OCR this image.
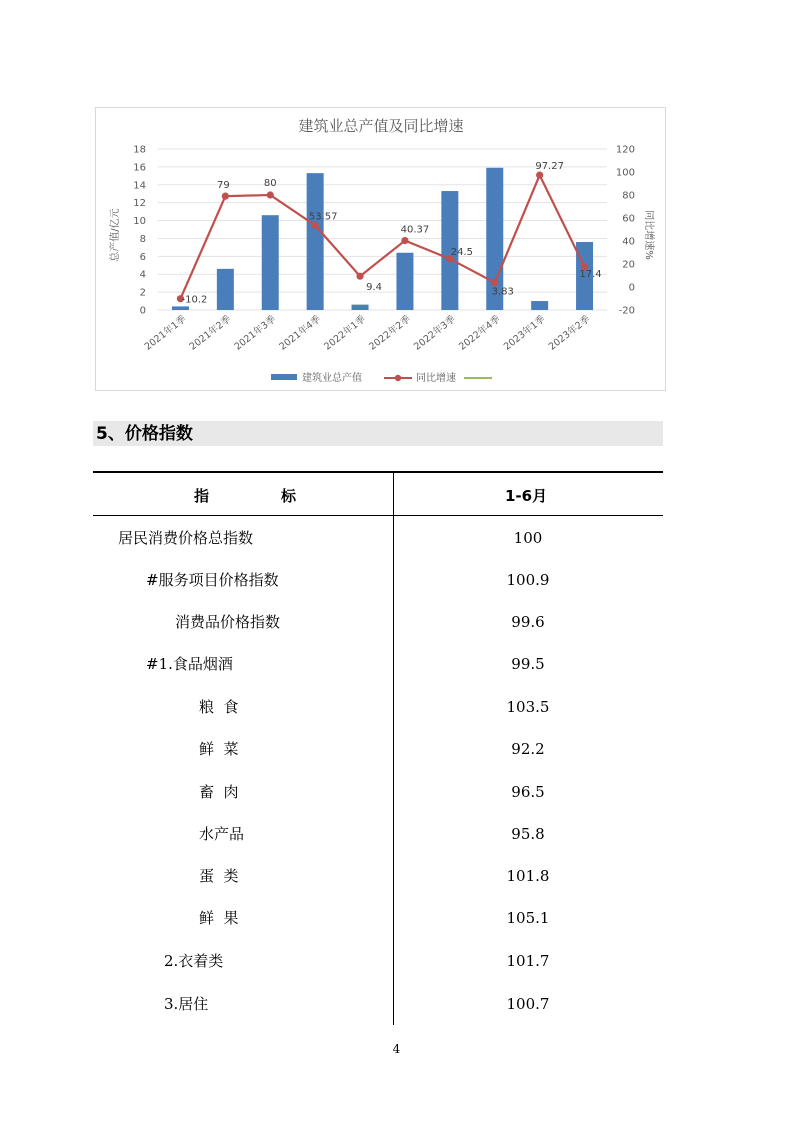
建筑业总产值及同比增速
总产值/亿元	同比增速%
-10.2
79	80
53.57
9.4
40.37
24.5
3.83
97.27
17.4
0
2
4
6
8
10
12
14
16
18
-20
0
20
40
60
80
100
120
2021年1季 2021年2季 2021年3季 2021年4季 2022年1季 2022年2季 2022年3季 2022年4季 2023年1季 2023年2季
建筑业总产值	同比增速
5、价格指数
指	标	1-6月
居民消费价格总指数	100
#服务项目价格指数	100.9
消费品价格指数	99.6
#1.食品烟酒	99.5
粮  食	103.5
鲜  菜	92.2
畜  肉	96.5
水产品	95.8
蛋  类	101.8
鲜  果	105.1
2.衣着类	101.7
3.居住	100.7
4
